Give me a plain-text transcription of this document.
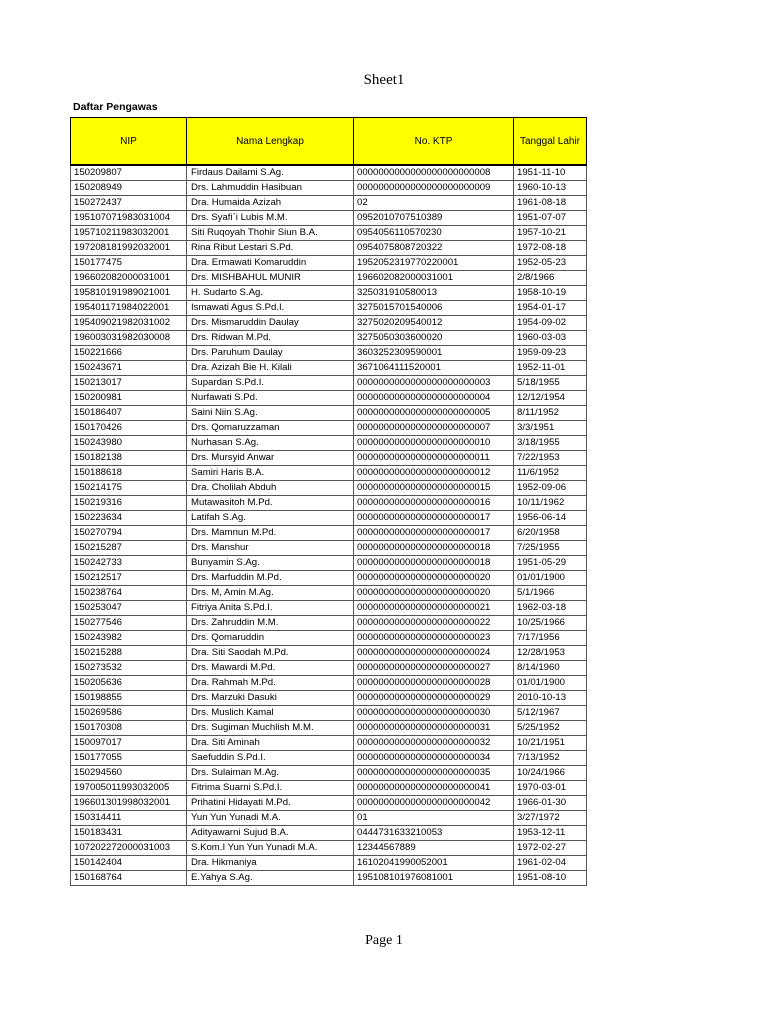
Sheet1
Daftar Pengawas
NIP	Nama Lengkap	No. KTP	Tanggal Lahir
150209807	Firdaus Dailami S.Ag.	0000000000000000000000008	1951-11-10
150208949	Drs. Lahmuddin Hasibuan	0000000000000000000000009	1960-10-13
150272437	Dra. Humaida Azizah	02	1961-08-18
195107071983031004	Drs. Syafi`i Lubis M.M.	0952010707510389	1951-07-07
195710211983032001	Siti Ruqoyah Thohir Siun B.A.	0954056110570230	1957-10-21
197208181992032001	Rina Ribut Lestari S.Pd.	0954075808720322	1972-08-18
150177475	Dra. Ermawati Komaruddin	1952052319770220001	1952-05-23
196602082000031001	Drs. MISHBAHUL MUNIR	196602082000031001	2/8/1966
195810191989021001	H. Sudarto S.Ag.	325031910580013	1958-10-19
195401171984022001	Ismawati Agus S.Pd.I.	3275015701540006	1954-01-17
195409021982031002	Drs. Mismaruddin Daulay	3275020209540012	1954-09-02
196003031982030008	Drs. Ridwan M.Pd.	3275050303600020	1960-03-03
150221666	Drs. Paruhum Daulay	3603252309590001	1959-09-23
150243671	Dra. Azizah Bie H. Kilali	3671064111520001	1952-11-01
150213017	Supardan S.Pd.I.	0000000000000000000000003	5/18/1955
150200981	Nurfawati S.Pd.	0000000000000000000000004	12/12/1954
150186407	Saini Niin S.Ag.	0000000000000000000000005	8/11/1952
150170426	Drs. Qomaruzzaman	0000000000000000000000007	3/3/1951
150243980	Nurhasan S.Ag.	0000000000000000000000010	3/18/1955
150182138	Drs. Mursyid Anwar	0000000000000000000000011	7/22/1953
150188618	Samiri Haris B.A.	0000000000000000000000012	11/6/1952
150214175	Dra. Cholilah Abduh	0000000000000000000000015	1952-09-06
150219316	Mutawasitoh M.Pd.	0000000000000000000000016	10/11/1962
150223634	Latifah S.Ag.	0000000000000000000000017	1956-06-14
150270794	Drs. Mamnun M.Pd.	0000000000000000000000017	6/20/1958
150215287	Drs. Manshur	0000000000000000000000018	7/25/1955
150242733	Bunyamin S.Ag.	0000000000000000000000018	1951-05-29
150212517	Drs. Marfuddin M.Pd.	0000000000000000000000020	01/01/1900
150238764	Drs. M, Amin M.Ag.	0000000000000000000000020	5/1/1966
150253047	Fitriya Anita S.Pd.I.	0000000000000000000000021	1962-03-18
150277546	Drs. Zahruddin M.M.	0000000000000000000000022	10/25/1966
150243982	Drs. Qomaruddin	0000000000000000000000023	7/17/1956
150215288	Dra. Siti Saodah M.Pd.	0000000000000000000000024	12/28/1953
150273532	Drs. Mawardi M.Pd.	0000000000000000000000027	8/14/1960
150205636	Dra. Rahmah M.Pd.	0000000000000000000000028	01/01/1900
150198855	Drs. Marzuki Dasuki	0000000000000000000000029	2010-10-13
150269586	Drs. Muslich Kamal	0000000000000000000000030	5/12/1967
150170308	Drs. Sugiman Muchlish M.M.	0000000000000000000000031	5/25/1952
150097017	Dra. Siti Aminah	0000000000000000000000032	10/21/1951
150177055	Saefuddin S.Pd.I.	0000000000000000000000034	7/13/1952
150294560	Drs. Sulaiman M.Ag.	0000000000000000000000035	10/24/1966
197005011993032005	Fitrima Suarni S.Pd.I.	0000000000000000000000041	1970-03-01
196601301998032001	Prihatini Hidayati M.Pd.	0000000000000000000000042	1966-01-30
150314411	Yun Yun Yunadi M.A.	01	3/27/1972
150183431	Adityawarni Sujud B.A.	0444731633210053	1953-12-11
107202272000031003	S.Kom.I Yun Yun Yunadi M.A.	12344567889	1972-02-27
150142404	Dra. Hikmaniya	16102041990052001	1961-02-04
150168764	E.Yahya S.Ag.	195108101976081001	1951-08-10
Page 1
